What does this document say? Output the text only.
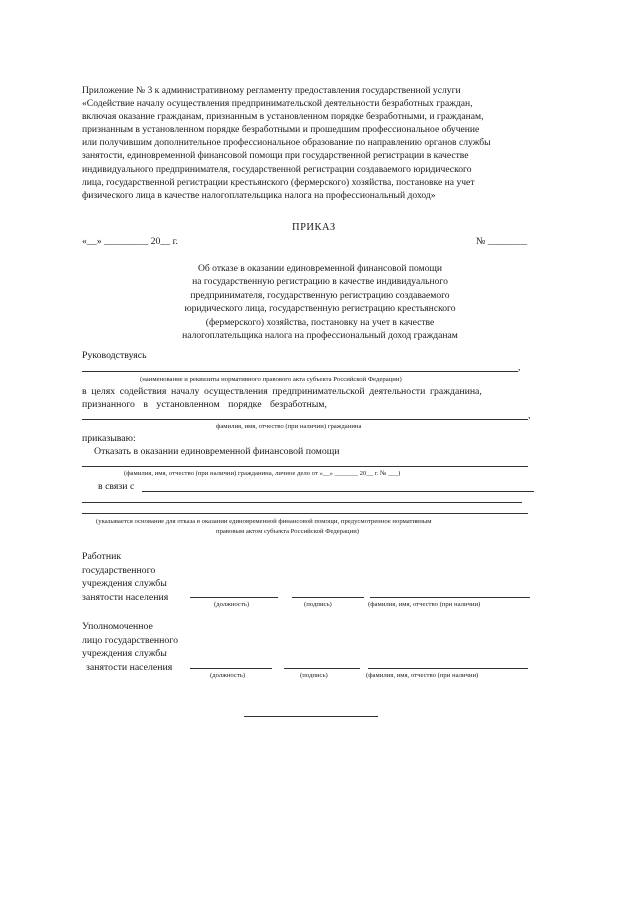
Приложение № 3 к административному регламенту предоставления государственной услуги
«Содействие началу осуществления предпринимательской деятельности безработных граждан,
включая оказание гражданам, признанным в установленном порядке безработными, и гражданам,
признанным в установленном порядке безработными и прошедшим профессиональное обучение
или получившим дополнительное профессиональное образование по направлению органов службы
занятости, единовременной финансовой помощи при государственной регистрации в качестве
индивидуального предпринимателя, государственной регистрации создаваемого юридического
лица, государственной регистрации крестьянского (фермерского) хозяйства, постановке на учет
физического лица в качестве налогоплательщика налога на профессиональный доход»
ПРИКАЗ
«__» _________ 20__ г.	№ ________
Об отказе в оказании единовременной финансовой помощи
на государственную регистрацию в качестве индивидуального
предпринимателя, государственную регистрацию создаваемого
юридического лица, государственную регистрацию крестьянского
(фермерского) хозяйства, постановку на учет в качестве
налогоплательщика налога на профессиональный доход гражданам
Руководствуясь
,
(наименование и реквизиты нормативного правового акта субъекта Российской Федерации)
в целях содействия началу осуществления предпринимательской деятельности гражданина,
признанного в установленном порядке безработным,
,
фамилия, имя, отчество (при наличии) гражданина
приказываю:
Отказать в оказании единовременной финансовой помощи
(фамилия, имя, отчество (при наличии) гражданина, личное дело от «__» _______ 20__ г. № ___)
в связи с
(указывается основание для отказа в оказании единовременной финансовой помощи, предусмотренное нормативным
правовым актом субъекта Российской Федерации)
Работник
государственного
учреждения службы
занятости населения
(должность)	(подпись)	(фамилия, имя, отчество (при наличии)
Уполномоченное
лицо государственного
учреждения службы
занятости населения
(должность)	(подпись)	(фамилия, имя, отчество (при наличии)
